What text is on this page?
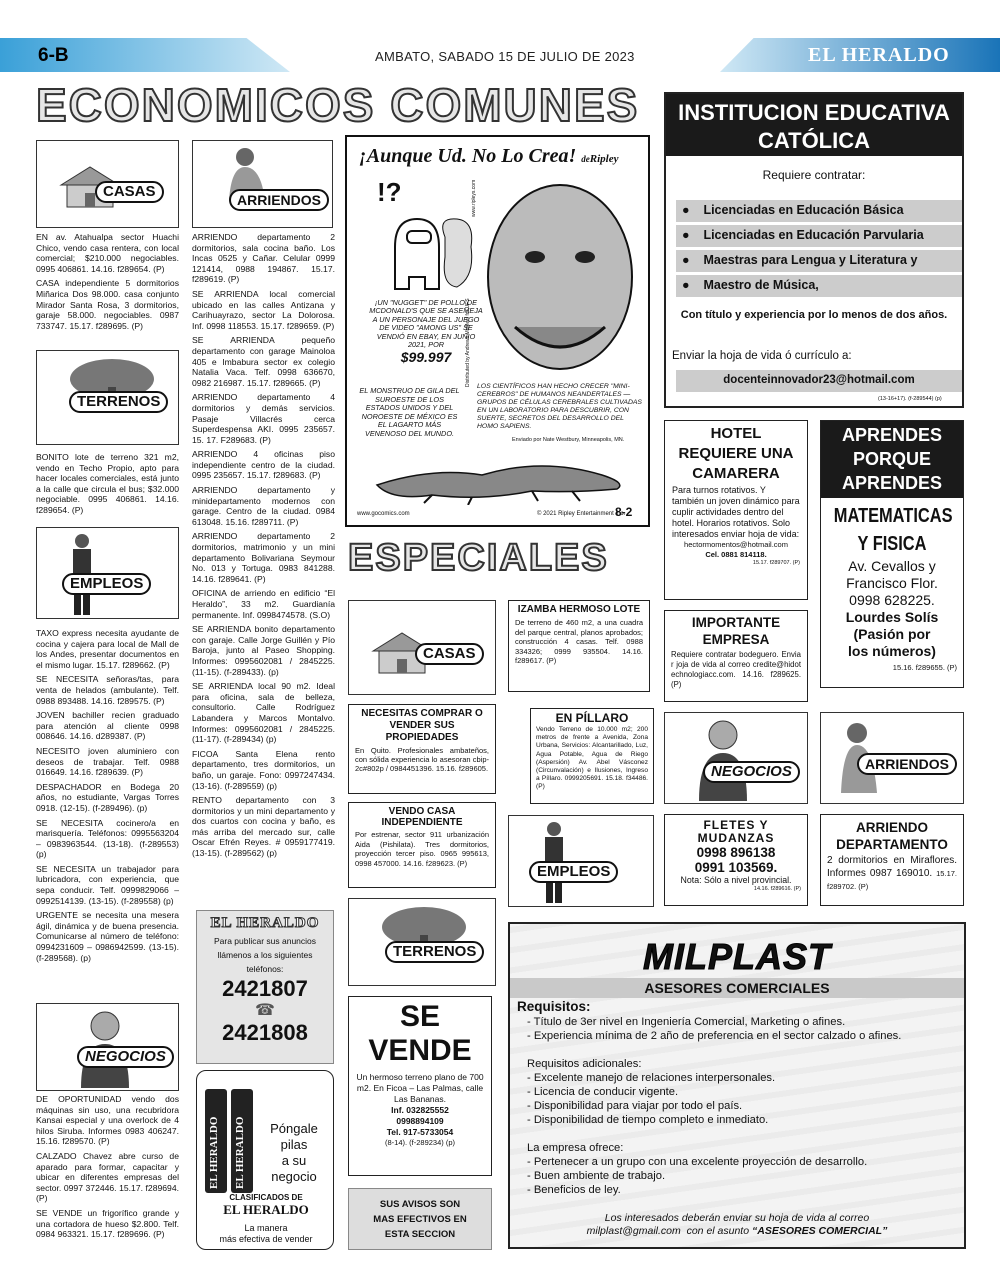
6-B	AMBATO, SABADO 15 DE JULIO DE 2023	EL HERALDO
ECONOMICOS COMUNES
CASAS

EN av. Atahualpa sector Huachi Chico, vendo casa rentera, con local comercial; $210.000 negociables. 0995 406861. 14.16. f289654. (P)

CASA independiente 5 dormitorios Miñarica Dos 98.000. casa conjunto Mirador Santa Rosa, 3 dormitorios, garaje 58.000. negociables. 0987 733747. 15.17. f289695. (P)

TERRENOS

BONITO lote de terreno 321 m2, vendo en Techo Propio, apto para hacer locales comerciales, está junto a la calle que circula el bus; $32.000 negociable. 0995 406861. 14.16. f289654. (P)

EMPLEOS

TAXO express necesita ayudante de cocina y cajera para local de Mall de los Andes, presentar documentos en el mismo lugar. 15.17. f289662. (P)

SE NECESITA señoras/tas, para venta de helados (ambulante). Telf. 0988 893488. 14.16. f289575. (P)

JOVEN bachiller recien graduado para atención al cliente 0998 008646. 14.16. d289387. (P)

NECESITO joven aluminiero con deseos de trabajar. Telf. 0988 016649. 14.16. f289639. (P)

DESPACHADOR en Bodega 20 años, no estudiante, Vargas Torres 0918. (12-15). (f-289496). (p)

SE NECESITA cocinero/a en marisquería. Teléfonos: 0995563204 – 0983963544. (13-18). (f-289553) (p)

SE NECESITA un trabajador para lubricadora, con experiencia, que sepa conducir. Telf. 0999829066 – 0992514139. (13-15). (f-289558) (p)

URGENTE se necesita una mesera ágil, dinámica y de buena presencia. Comunicarse al número de teléfono: 0994231609 – 0986942599. (13-15). (f-289568). (p)

NEGOCIOS

DE OPORTUNIDAD vendo dos máquinas sin uso, una recubridora Kansai especial y una overlock de 4 hilos Siruba. Informes 0983 406247. 15.16. f289570. (P)

CALZADO Chavez abre curso de aparado para formar, capacitar y ubicar en diferentes empresas del sector. 0997 372446. 15.17. f289694. (P)

SE VENDE un frigorífico grande y una cortadora de hueso $2.800. Telf. 0984 963321. 15.17. f289696. (P)

ARRIENDOS

ARRIENDO departamento 2 dormitorios, sala cocina baño. Los Incas 0525 y Cañar. Celular 0999 121414, 0988 194867. 15.17. f289619. (P)

SE ARRIENDA local comercial ubicado en las calles Antizana y Carihuayrazo, sector La Dolorosa. Inf. 0998 118553. 15.17. f289659. (P)

SE ARRIENDA pequeño departamento con garage Mainoloa 405 e Imbabura sector ex colegio Natalia Vaca. Telf. 0998 636670, 0982 216987. 15.17. f289665. (P)

ARRIENDO departamento 4 dormitorios y demás servicios. Pasaje Villacrés cerca Superdespensa AKI. 0995 235657. 15. 17. F289683. (P)

ARRIENDO 4 oficinas piso independiente centro de la ciudad. 0995 235657. 15.17. f289683. (P)

ARRIENDO departamento y minidepartamento modernos con garage. Centro de la ciudad. 0984 613048. 15.16. f289711. (P)

ARRIENDO departamento 2 dormitorios, matrimonio y un mini departamento Bolivariana Seymour No. 013 y Tortuga. 0983 841288. 14.16. f289641. (P)

OFICINA de arriendo en edificio “El Heraldo”, 33 m2. Guardianía permanente. Inf. 0998474578. (S.O)

SE ARRIENDA bonito departamento con garaje. Calle Jorge Guillén y Pío Baroja, junto al Paseo Shopping. Informes: 0995602081 / 2845225. (11-15). (f-289433). (p)

SE ARRIENDA local 90 m2. Ideal para oficina, sala de belleza, consultorio. Calle Rodríguez Labandera y Marcos Montalvo. Informes: 0995602081 / 2845225. (11-17). (f-289434) (p)

FICOA Santa Elena rento departamento, tres dormitorios, un baño, un garaje. Fono: 0997247434. (13-16). (f-289559) (p)

RENTO departamento con 3 dormitorios y un mini departamento y dos cuartos con cocina y baño, es más arriba del mercado sur, calle Oscar Efrén Reyes. # 0959177419. (13-15). (f-289562) (p)

EL HERALDO
Para publicar sus anuncios
llámenos a los siguientes
teléfonos:
2421807
☎
2421808
EL HERALDO EL HERALDO	Póngale
pilas
a su
negocio
CLASIFICADOS DE
EL HERALDO
La manera
más efectiva de vender
¡Aunque Ud. No Lo Crea! deRipley
!?
¡UN "NUGGET" DE POLLO DE MCDONALD'S QUE SE ASEMEJA A UN PERSONAJE DEL JUEGO DE VIDEO "AMONG US" SE VENDIÓ EN EBAY, EN JUNIO 2021, POR
$99.997
EL MONSTRUO DE GILA DEL SUROESTE DE LOS ESTADOS UNIDOS Y DEL NOROESTE DE MÉXICO ES EL LAGARTO MÁS VENENOSO DEL MUNDO.
LOS CIENTÍFICOS HAN HECHO CRECER "MINI-CEREBROS" DE HUMANOS NEANDERTALES — GRUPOS DE CÉLULAS CEREBRALES CULTIVADAS EN UN LABORATORIO PARA DESCUBRIR, CON SUERTE, SECRETOS DEL DESARROLLO DEL HOMO SAPIENS.
Enviado por Nate Westbury, Minneapolis, MN.
Distributed by Andrews McMeel for UFS
www.ripleys.com
www.gocomics.com	© 2021 Ripley Entertainment Inc.
8-2
ESPECIALES
CASAS
NECESITAS COMPRAR O VENDER SUS PROPIEDADES
En Quito. Profesionales ambateños, con sólida experiencia lo asesoran cbip-2c#802p / 0984451396. 15.16. f289605.
VENDO CASA INDEPENDIENTE
Por estrenar, sector 911 urbanización Aida (Pishilata). Tres dormitorios, proyección tercer piso. 0965 995613, 0998 457000. 14.16. f289623. (P)
TERRENOS
SE
VENDE
Un hermoso terreno plano de 700 m2. En Ficoa – Las Palmas, calle Las Bananas.
Inf. 032825552
0998894109
Tel. 917-5733054
(8-14). (f-289234) (p)
SUS AVISOS SON
MAS EFECTIVOS EN
ESTA SECCION
IZAMBA HERMOSO LOTE
De terreno de 460 m2, a una cuadra del parque central, planos aprobados; construcción 4 casas. Telf. 0988 334326; 0999 935504. 14.16. f289617. (P)
EN PÍLLARO
Vendo Terreno de 10.000 m2; 200 metros de frente a Avenida, Zona Urbana, Servicios: Alcantarillado, Luz, Agua Potable, Agua de Riego (Aspersión) Av. Abel Vásconez (Circunvalación) e Ilusiones, Ingreso a Píllaro. 0999205691. 15.18. f34486. (P)
EMPLEOS
INSTITUCION EDUCATIVA
CATÓLICA
Requiere contratar:
●    Licenciadas en Educación Básica
●    Licenciadas en Educación Parvularia
●    Maestras para Lengua y Literatura y
●    Maestro de Música,
Con título y experiencia por lo menos de dos años.
Enviar la hoja de vida ó currículo a:
docenteinnovador23@hotmail.com
(13-16+17). (f-289544) (p)
HOTEL REQUIERE UNA CAMARERA
Para turnos rotativos. Y también un joven dinámico para cuplir actividades dentro del hotel. Horarios rotativos. Solo interesados enviar hoja de vida:
hectormomentos@hotmail.com
Cel. 0881 814118.
15.17. f289707. (P)
APRENDES PORQUE APRENDES
MATEMATICAS
Y FISICA
Av. Cevallos y
Francisco Flor.
0998 628225.
Lourdes Solís
(Pasión por
los números)
15.16. f289655. (P)
IMPORTANTE EMPRESA
Requiere contratar bodeguero. Enviar joja de vida al correo credite@hidotechnologiacc.com. 14.16. f289625. (P)
NEGOCIOS	ARRIENDOS
FLETES Y MUDANZAS
0998 896138
0991 103569.
Nota: Sólo a nivel provincial.
14.16. f289616. (P)
ARRIENDO DEPARTAMENTO
2 dormitorios en Miraflores. Informes 0987 169010. 15.17. f289702. (P)
MILPLAST
ASESORES COMERCIALES
Requisitos:
- Título de 3er nivel en Ingeniería Comercial, Marketing o afines.
- Experiencia mínima de 2 año de preferencia en el sector calzado o afines.
Requisitos adicionales:
- Excelente manejo de relaciones interpersonales.
- Licencia de conducir vigente.
- Disponibilidad para viajar por todo el país.
- Disponibilidad de tiempo completo e inmediato.
La empresa ofrece:
- Pertenecer a un grupo con una excelente proyección de desarrollo.
- Buen ambiente de trabajo.
- Beneficios de ley.
Los interesados deberán enviar su hoja de vida al correo
milplast@gmail.com con el asunto “ASESORES COMERCIAL”
